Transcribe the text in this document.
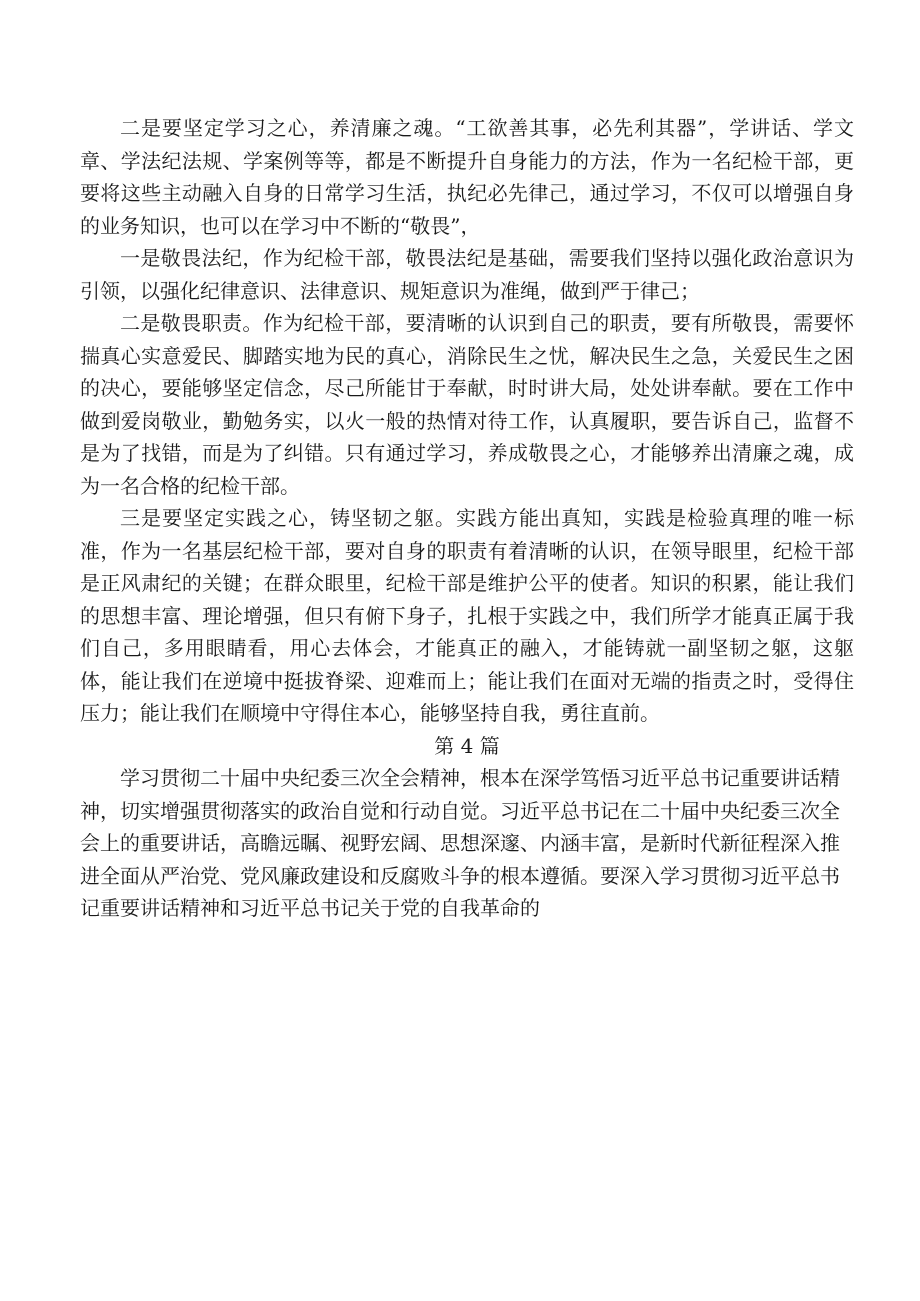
二是要坚定学习之心，养清廉之魂。“工欲善其事，必先利其器”，学讲话、学文章、学法纪法规、学案例等等，都是不断提升自身能力的方法，作为一名纪检干部，更要将这些主动融入自身的日常学习生活，执纪必先律己，通过学习，不仅可以增强自身的业务知识，也可以在学习中不断的“敬畏”，

一是敬畏法纪，作为纪检干部，敬畏法纪是基础，需要我们坚持以强化政治意识为引领，以强化纪律意识、法律意识、规矩意识为准绳，做到严于律己；

二是敬畏职责。作为纪检干部，要清晰的认识到自己的职责，要有所敬畏，需要怀揣真心实意爱民、脚踏实地为民的真心，消除民生之忧，解决民生之急，关爱民生之困的决心，要能够坚定信念，尽己所能甘于奉献，时时讲大局，处处讲奉献。要在工作中做到爱岗敬业，勤勉务实，以火一般的热情对待工作，认真履职，要告诉自己，监督不是为了找错，而是为了纠错。只有通过学习，养成敬畏之心，才能够养出清廉之魂，成为一名合格的纪检干部。

三是要坚定实践之心，铸坚韧之躯。实践方能出真知，实践是检验真理的唯一标准，作为一名基层纪检干部，要对自身的职责有着清晰的认识，在领导眼里，纪检干部是正风肃纪的关键；在群众眼里，纪检干部是维护公平的使者。知识的积累，能让我们的思想丰富、理论增强，但只有俯下身子，扎根于实践之中，我们所学才能真正属于我们自己，多用眼睛看，用心去体会，才能真正的融入，才能铸就一副坚韧之躯，这躯体，能让我们在逆境中挺拔脊梁、迎难而上；能让我们在面对无端的指责之时，受得住压力；能让我们在顺境中守得住本心，能够坚持自我，勇往直前。

第 4 篇

学习贯彻二十届中央纪委三次全会精神，根本在深学笃悟习近平总书记重要讲话精神，切实增强贯彻落实的政治自觉和行动自觉。习近平总书记在二十届中央纪委三次全会上的重要讲话，高瞻远瞩、视野宏阔、思想深邃、内涵丰富，是新时代新征程深入推进全面从严治党、党风廉政建设和反腐败斗争的根本遵循。要深入学习贯彻习近平总书记重要讲话精神和习近平总书记关于党的自我革命的
